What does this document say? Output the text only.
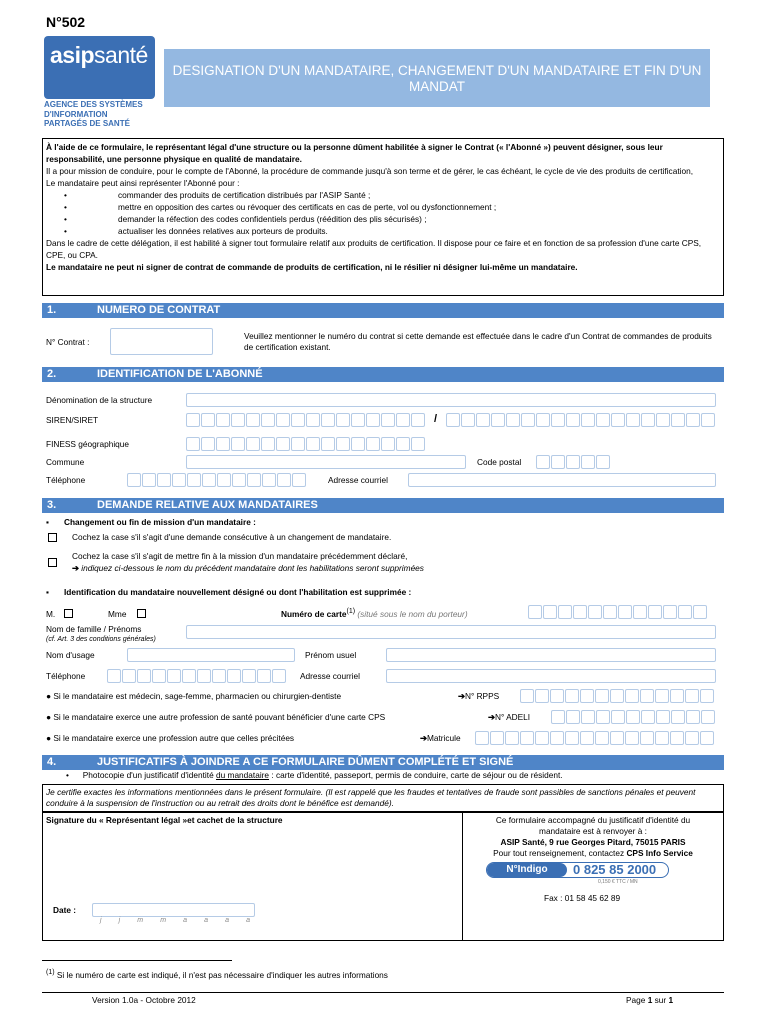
N°502
asipsanté
AGENCE DES SYSTÈMES
D'INFORMATION
PARTAGÉS DE SANTÉ
DESIGNATION D'UN MANDATAIRE, CHANGEMENT D'UN MANDATAIRE ET FIN D'UN MANDAT

À l'aide de ce formulaire, le représentant légal d'une structure ou la personne dûment habilitée à signer le Contrat (« l'Abonné ») peuvent désigner, sous leur responsabilité, une personne physique en qualité de mandataire.

Il a pour mission de conduire, pour le compte de l'Abonné, la procédure de commande jusqu'à son terme et de gérer, le cas échéant, le cycle de vie des produits de certification,

Le mandataire peut ainsi représenter l'Abonné pour :

• commander des produits de certification distribués par l'ASIP Santé ;

• mettre en opposition des cartes ou révoquer des certificats en cas de perte, vol ou dysfonctionnement ;

• demander la réfection des codes confidentiels perdus (réédition des plis sécurisés) ;

• actualiser les données relatives aux porteurs de produits.

Dans le cadre de cette délégation, il est habilité à signer tout formulaire relatif aux produits de certification. Il dispose pour ce faire et en fonction de sa profession d'une carte CPS, CPE, ou CPA.

Le mandataire ne peut ni signer de contrat de commande de produits de certification, ni le résilier ni désigner lui-même un mandataire.

1.	NUMERO DE CONTRAT
N° Contrat :
Veuillez mentionner le numéro du contrat si cette demande est effectuée dans le cadre d'un Contrat de commandes de produits de certification existant.
2.	IDENTIFICATION DE L'ABONNÉ
Dénomination de la structure
SIREN/SIRET	/
FINESS géographique
Commune	Code postal
Téléphone	Adresse courriel
3.	DEMANDE RELATIVE AUX MANDATAIRES
▪ Changement ou fin de mission d'un mandataire :
Cochez la case s'il s'agit d'une demande consécutive à un changement de mandataire.
Cochez la case s'il s'agit de mettre fin à la mission d'un mandataire précédemment déclaré,
➔ indiquez ci-dessous le nom du précédent mandataire dont les habilitations seront supprimées
▪ Identification du mandataire nouvellement désigné ou dont l'habilitation est supprimée :
M.	Mme	Numéro de carte$^{(1)}$ (situé sous le nom du porteur)
Nom de famille / Prénoms
(cf. Art. 3 des conditions générales)
Nom d'usage	Prénom usuel
Téléphone	Adresse courriel
● Si le mandataire est médecin, sage-femme, pharmacien ou chirurgien-dentiste	➔N° RPPS
● Si le mandataire exerce une autre profession de santé pouvant bénéficier d'une carte CPS	➔N° ADELI
● Si le mandataire exerce une profession autre que celles précitées	➔Matricule
4.	JUSTIFICATIFS À JOINDRE A CE FORMULAIRE DÛMENT COMPLÉTÉ ET SIGNÉ
•      Photocopie d'un justificatif d'identité du mandataire : carte d'identité, passeport, permis de conduire, carte de séjour ou de résident.
Je certifie exactes les informations mentionnées dans le présent formulaire. (Il est rappelé que les fraudes et tentatives de fraude sont passibles de sanctions pénales et peuvent conduire à la suspension de l'instruction ou au retrait des droits dont le bénéfice est demandé).
Signature du « Représentant légal »et cachet de la structure
Date :
j j m m a a a a
Ce formulaire accompagné du justificatif d'identité du
mandataire est à renvoyer à :
ASIP Santé, 9 rue Georges Pitard, 75015 PARIS
Pour tout renseignement, contactez CPS Info Service
N°Indigo	0 825 85 2000
0,150 € TTC / MN
Fax : 01 58 45 62 89
$^{(1)}$ Si le numéro de carte est indiqué, il n'est pas nécessaire d'indiquer les autres informations
Version 1.0a - Octobre 2012	Page 1 sur 1
